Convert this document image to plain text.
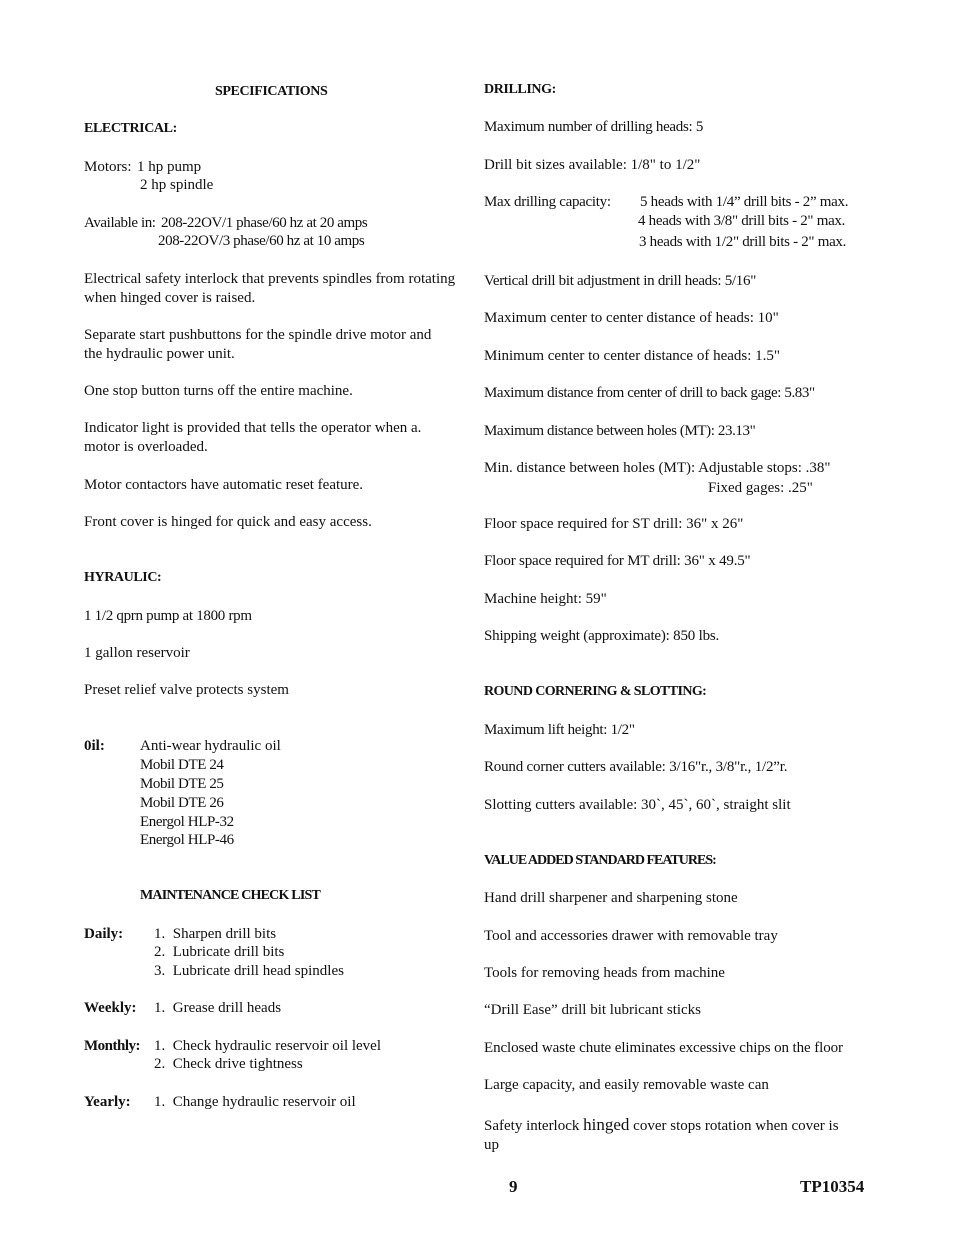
SPECIFICATIONS
ELECTRICAL:
Motors: 1 hp pump
2 hp spindle
Available in: 208-22OV/1 phase/60 hz at 20 amps
208-22OV/3 phase/60 hz at 10 amps
Electrical safety interlock that prevents spindles from rotating
when hinged cover is raised.
Separate start pushbuttons for the spindle drive motor and
the hydraulic power unit.
One stop button turns off the entire machine.
Indicator light is provided that tells the operator when a.
motor is overloaded.
Motor contactors have automatic reset feature.
Front cover is hinged for quick and easy access.
HYRAULIC:
1 1/2 qprn pump at 1800 rpm
1 gallon reservoir
Preset relief valve protects system
0il: Anti-wear hydraulic oil
Mobil DTE 24
Mobil DTE 25
Mobil DTE 26
Energol HLP-32
Energol HLP-46
MAINTENANCE CHECK LIST
Daily: 1.  Sharpen drill bits
2.  Lubricate drill bits
3.  Lubricate drill head spindles
Weekly: 1.  Grease drill heads
Monthly: 1.  Check hydraulic reservoir oil level
2.  Check drive tightness
Yearly: 1.  Change hydraulic reservoir oil
DRILLING:
Maximum number of drilling heads: 5
Drill bit sizes available: 1/8" to 1/2"
Max drilling capacity: 5 heads with 1/4” drill bits - 2” max.
4 heads with 3/8" drill bits - 2" max.
3 heads with 1/2" drill bits - 2" max.
Vertical drill bit adjustment in drill heads: 5/16"
Maximum center to center distance of heads: 10"
Minimum center to center distance of heads: 1.5"
Maximum distance from center of drill to back gage: 5.83"
Maximum distance between holes (MT): 23.13"
Min. distance between holes (MT): Adjustable stops: .38"
Fixed gages: .25"
Floor space required for ST drill: 36" x 26"
Floor space required for MT drill: 36" x 49.5"
Machine height: 59"
Shipping weight (approximate): 850 lbs.
ROUND CORNERING & SLOTTING:
Maximum lift height: 1/2"
Round corner cutters available: 3/16"r., 3/8"r., 1/2”r.
Slotting cutters available: 30`, 45`, 60`, straight slit
VALUE ADDED STANDARD FEATURES:
Hand drill sharpener and sharpening stone
Tool and accessories drawer with removable tray
Tools for removing heads from machine
“Drill Ease” drill bit lubricant sticks
Enclosed waste chute eliminates excessive chips on the floor
Large capacity, and easily removable waste can
Safety interlock hinged cover stops rotation when cover is
up
9	TP10354
